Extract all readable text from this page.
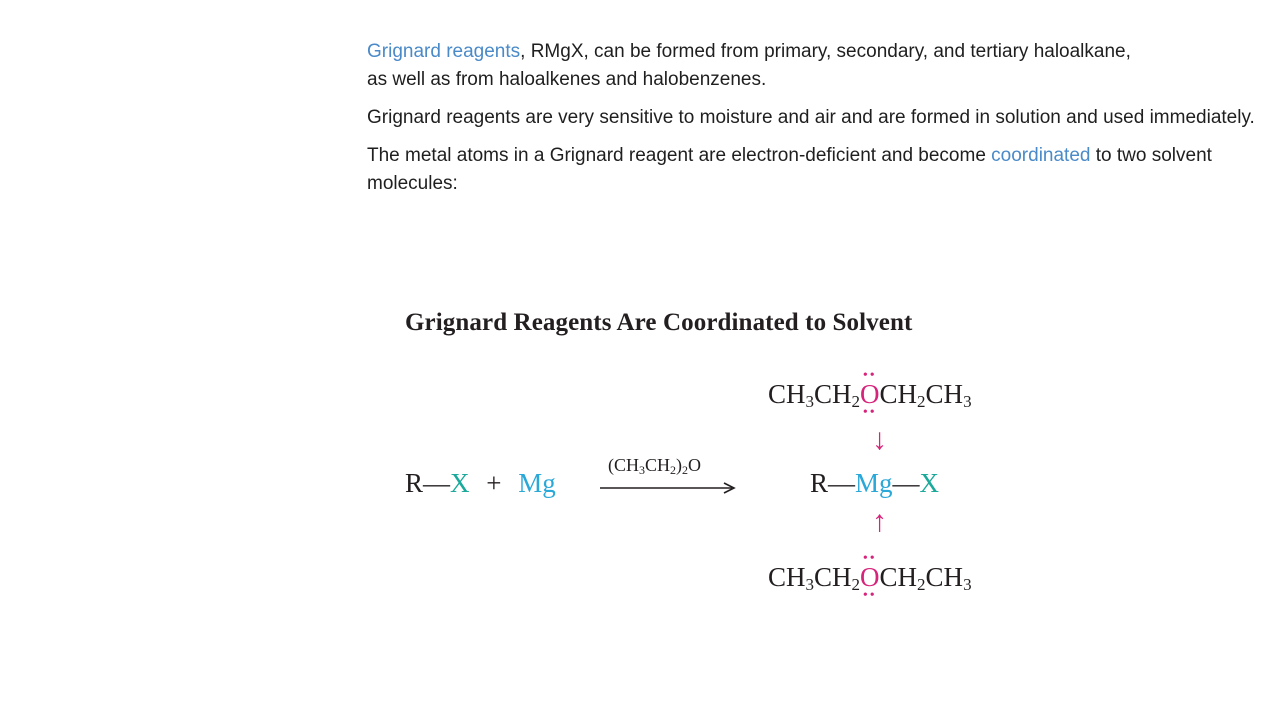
Grignard reagents, RMgX, can be formed from primary, secondary, and tertiary haloalkane,
as well as from haloalkenes and halobenzenes.

Grignard reagents are very sensitive to moisture and air and are formed in solution and used immediately.

The metal atoms in a Grignard reagent are electron-deficient and become coordinated to two solvent molecules:

Grignard Reagents Are Coordinated to Solvent
$CH_3CH_2$
••
O
••
$CH_2CH_3$
↓
R—X + Mg
$(CH_3CH_2)_2O$
R—Mg—X
↑
$CH_3CH_2$
••
O
••
$CH_2CH_3$
